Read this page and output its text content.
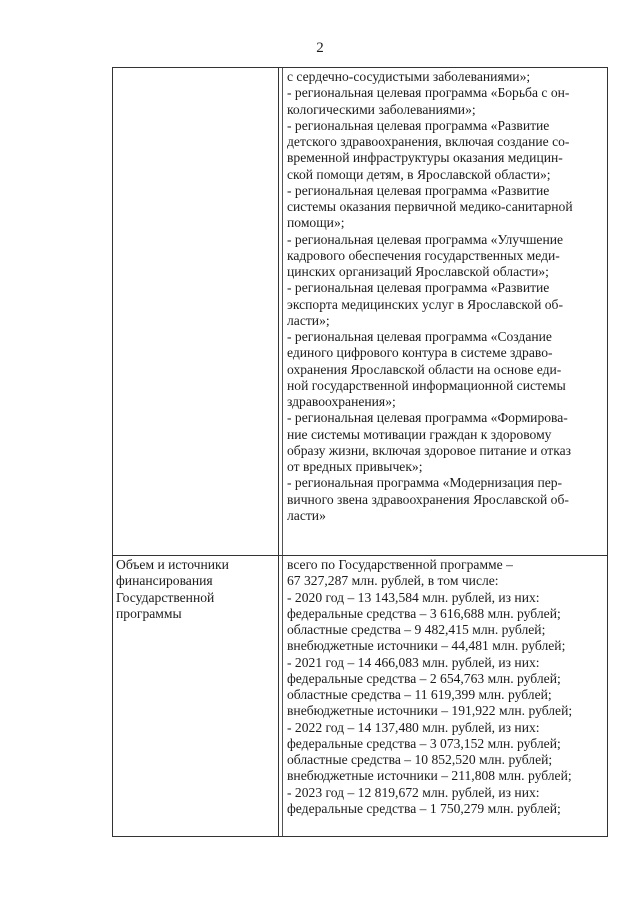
2
с сердечно-сосудистыми заболеваниями»;
- региональная целевая программа «Борьба с он-
кологическими заболеваниями»;
- региональная целевая программа «Развитие
детского здравоохранения, включая создание со-
временной инфраструктуры оказания медицин-
ской помощи детям, в Ярославской области»;
- региональная целевая программа «Развитие
системы оказания первичной медико-санитарной
помощи»;
- региональная целевая программа «Улучшение
кадрового обеспечения государственных меди-
цинских организаций Ярославской области»;
- региональная целевая программа «Развитие
экспорта медицинских услуг в Ярославской об-
ласти»;
- региональная целевая программа «Создание
единого цифрового контура в системе здраво-
охранения Ярославской области на основе еди-
ной государственной информационной системы
здравоохранения»;
- региональная целевая программа «Формирова-
ние системы мотивации граждан к здоровому
образу жизни, включая здоровое питание и отказ
от вредных привычек»;
- региональная программа «Модернизация пер-
вичного звена здравоохранения Ярославской об-
ласти»
Объем и источники
финансирования
Государственной
программы
всего по Государственной программе –
67 327,287 млн. рублей, в том числе:
- 2020 год – 13 143,584 млн. рублей, из них:
федеральные средства – 3 616,688 млн. рублей;
областные средства – 9 482,415 млн. рублей;
внебюджетные источники – 44,481 млн. рублей;
- 2021 год – 14 466,083 млн. рублей, из них:
федеральные средства – 2 654,763 млн. рублей;
областные средства – 11 619,399 млн. рублей;
внебюджетные источники – 191,922 млн. рублей;
- 2022 год – 14 137,480 млн. рублей, из них:
федеральные средства – 3 073,152 млн. рублей;
областные средства – 10 852,520 млн. рублей;
внебюджетные источники – 211,808 млн. рублей;
- 2023 год – 12 819,672 млн. рублей, из них:
федеральные средства – 1 750,279 млн. рублей;
